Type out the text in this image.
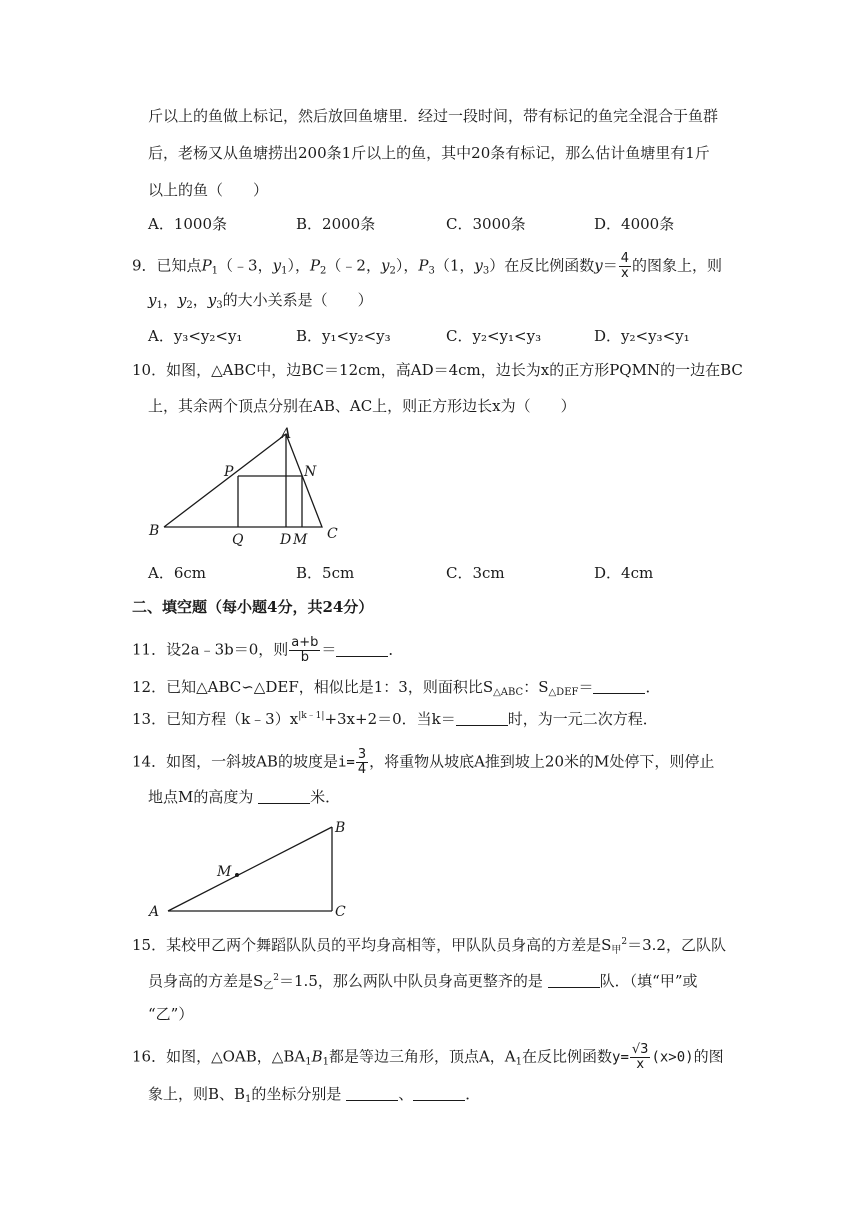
斤以上的鱼做上标记，然后放回鱼塘里．经过一段时间，带有标记的鱼完全混合于鱼群
后，老杨又从鱼塘捞出200条1斤以上的鱼，其中20条有标记，那么估计鱼塘里有1斤
以上的鱼（　　）
A．1000条	B．2000条	C．3000条	D．4000条
9．已知点$P_1(﹣3$，$y_1$），$P_2(﹣2$，$y_2$），$P_3(1$，$y_3$）在反比例函数$y= \frac{4}{x}$ 的图象上，则
$y_1$，$y_2$，$y_3$的大小关系是（　　）
A．y₃<y₂<y₁	B．y₁<y₂<y₃	C．y₂<y₁<y₃	D．y₂<y₃<y₁
10．如图，△ABC中，边BC＝12cm，高AD＝4cm，边长为x的正方形PQMN的一边在BC
上，其余两个顶点分别在AB、AC上，则正方形边长x为（　　）
A
P	N
B
Q	D M C
A．6cm	B．5cm	C．3cm	D．4cm
二、填空题（每小题4分，共24分）
11．设2a﹣3b＝0，则 $\frac{a+b}{b}$ ＝	．
12．已知△ABC∽△DEF，相似比是1：3，则面积比$S_{\triangle ABC}$：$S_{\triangle DEF}=$	．
13．已知方程$(k﹣3)x^{|k﹣1|}+3x+2=0$．当k＝	时，为一元二次方程．
14．如图，一斜坡AB的坡度是$i= \frac{3}{4}$ ，将重物从坡底A推到坡上20米的M处停下，则停止
地点M的高度为	米．
B
M
A	C
15．某校甲乙两个舞蹈队队员的平均身高相等，甲队队员身高的方差是$S_甲^2=3.2$，乙队队
员身高的方差是$S_乙^2=1.5$，那么两队中队员身高更整齐的是	队．（填“甲”或
“乙”）
16．如图，△OAB，$\triangle BA_1B_1$都是等边三角形，顶点A，$A_1$在反比例函数$y= \frac{√3}{x} (x>0)$的图
象上，则B、$B_1$的坐标分别是	、	．
